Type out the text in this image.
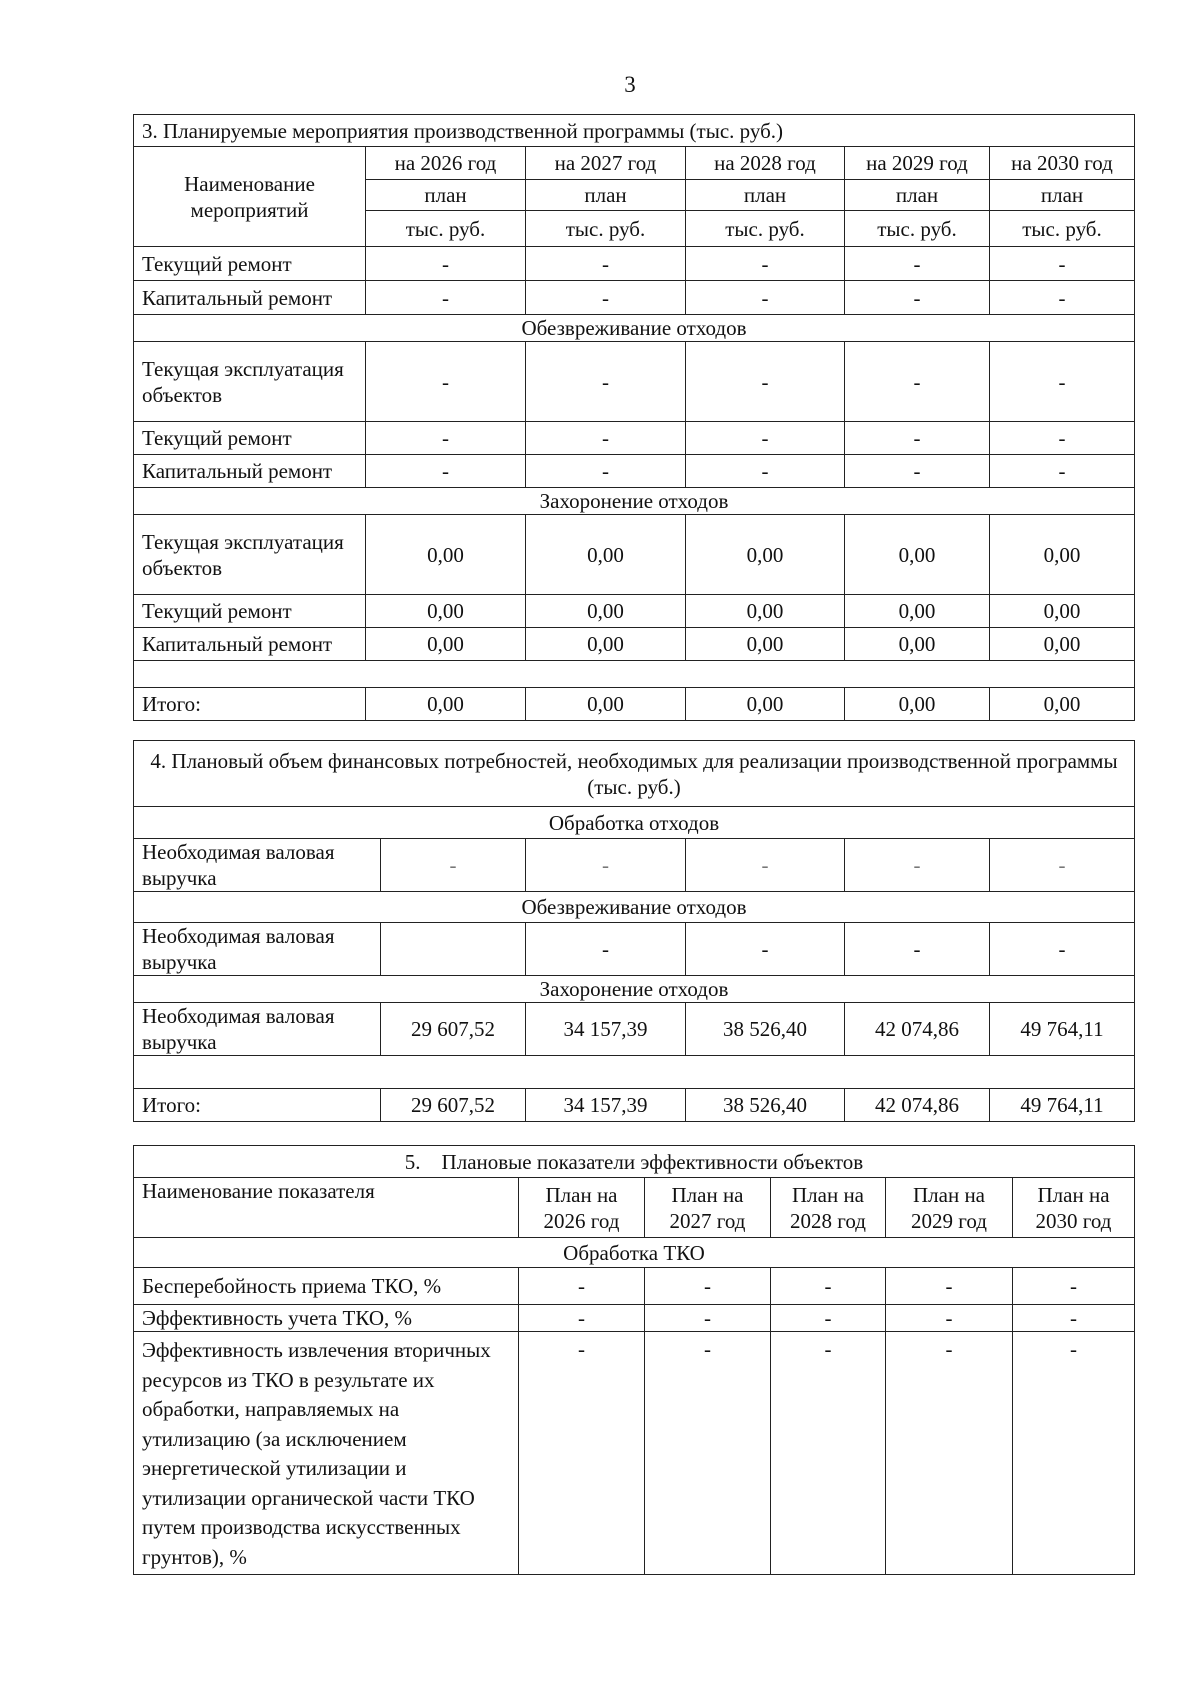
3
3. Планируемые мероприятия производственной программы (тыс. руб.)					
Наименование мероприятий	на 2026 год	на 2027 год	на 2028 год	на 2029 год	на 2030 год
	план	план	план	план	план
	тыс. руб.	тыс. руб.	тыс. руб.	тыс. руб.	тыс. руб.
Текущий ремонт	-	-	-	-	-
Капитальный ремонт	-	-	-	-	-
Обезвреживание отходов					
Текущая эксплуатация объектов	-	-	-	-	-
Текущий ремонт	-	-	-	-	-
Капитальный ремонт	-	-	-	-	-
Захоронение отходов					
Текущая эксплуатация объектов	0,00	0,00	0,00	0,00	0,00
Текущий ремонт	0,00	0,00	0,00	0,00	0,00
Капитальный ремонт	0,00	0,00	0,00	0,00	0,00

Итого:	0,00	0,00	0,00	0,00	0,00
4. Плановый объем финансовых потребностей, необходимых для реализации производственной программы (тыс. руб.)					
Обработка отходов					
Необходимая валовая выручка	-	-	-	-	-
Обезвреживание отходов					
Необходимая валовая выручка		-	-	-	-
Захоронение отходов					
Необходимая валовая выручка	29 607,52	34 157,39	38 526,40	42 074,86	49 764,11

Итого:	29 607,52	34 157,39	38 526,40	42 074,86	49 764,11
5.    Плановые показатели эффективности объектов					
Наименование показателя	План на 2026 год	План на 2027 год	План на 2028 год	План на 2029 год	План на 2030 год
Обработка ТКО					
Бесперебойность приема ТКО, %	-	-	-	-	-
Эффективность учета ТКО, %	-	-	-	-	-
Эффективность извлечения вторичных ресурсов из ТКО в результате их обработки, направляемых на утилизацию (за исключением энергетической утилизации и утилизации органической части ТКО путем производства искусственных грунтов), %	-	-	-	-	-
